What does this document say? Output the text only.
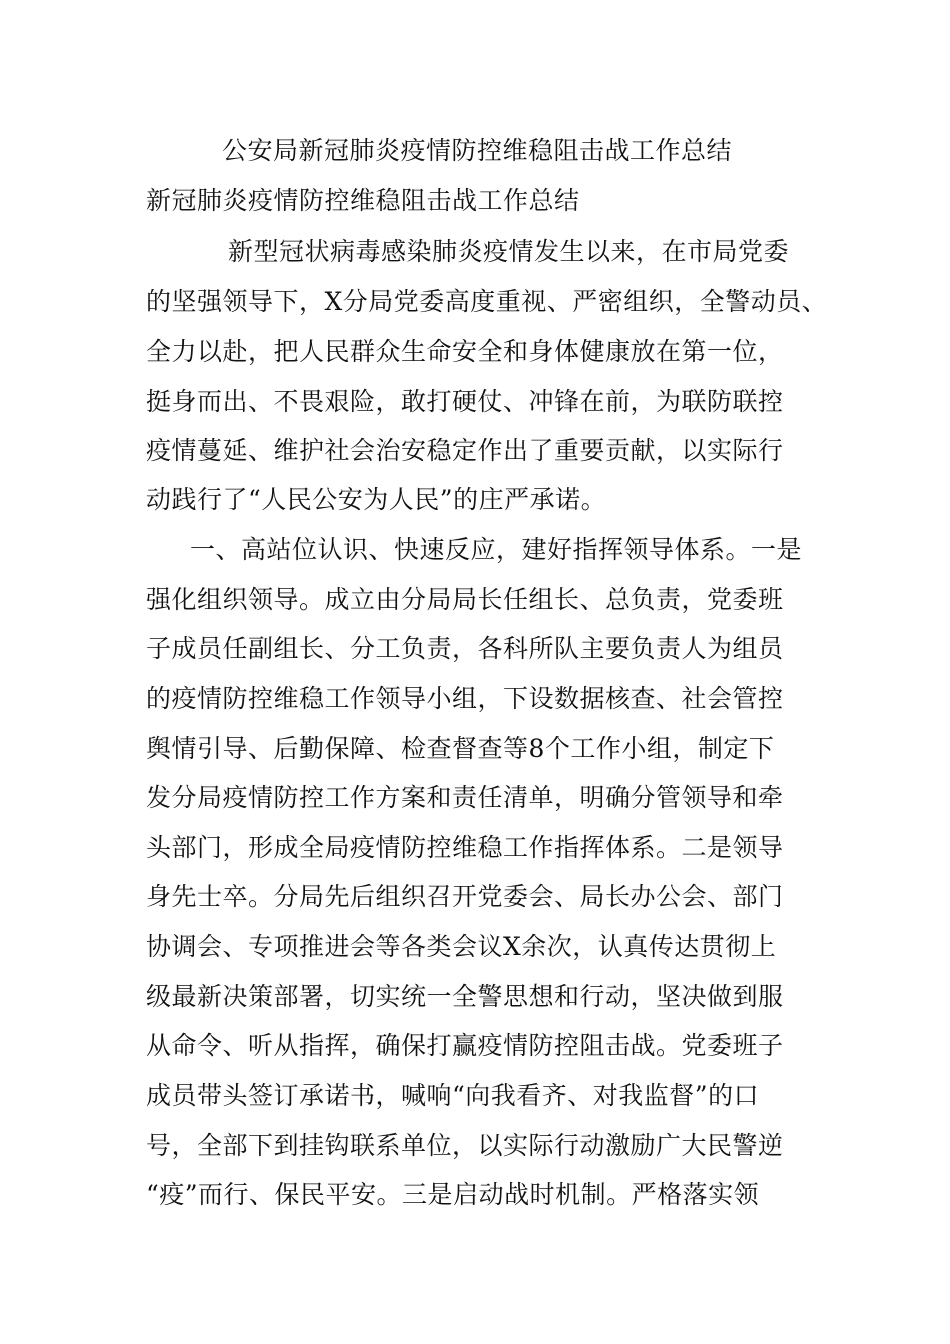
公安局新冠肺炎疫情防控维稳阻击战工作总结
新冠肺炎疫情防控维稳阻击战工作总结
新型冠状病毒感染肺炎疫情发生以来，在市局党委
的坚强领导下，X分局党委高度重视、严密组织，全警动员、
全力以赴，把人民群众生命安全和身体健康放在第一位，
挺身而出、不畏艰险，敢打硬仗、冲锋在前，为联防联控
疫情蔓延、维护社会治安稳定作出了重要贡献，以实际行
动践行了“人民公安为人民”的庄严承诺。
一、高站位认识、快速反应，建好指挥领导体系。一是
强化组织领导。成立由分局局长任组长、总负责，党委班
子成员任副组长、分工负责，各科所队主要负责人为组员
的疫情防控维稳工作领导小组，下设数据核查、社会管控
舆情引导、后勤保障、检查督查等8个工作小组，制定下
发分局疫情防控工作方案和责任清单，明确分管领导和牵
头部门，形成全局疫情防控维稳工作指挥体系。二是领导
身先士卒。分局先后组织召开党委会、局长办公会、部门
协调会、专项推进会等各类会议X余次，认真传达贯彻上
级最新决策部署，切实统一全警思想和行动，坚决做到服
从命令、听从指挥，确保打赢疫情防控阻击战。党委班子
成员带头签订承诺书，喊响“向我看齐、对我监督”的口
号，全部下到挂钩联系单位，以实际行动激励广大民警逆
“疫”而行、保民平安。三是启动战时机制。严格落实领
